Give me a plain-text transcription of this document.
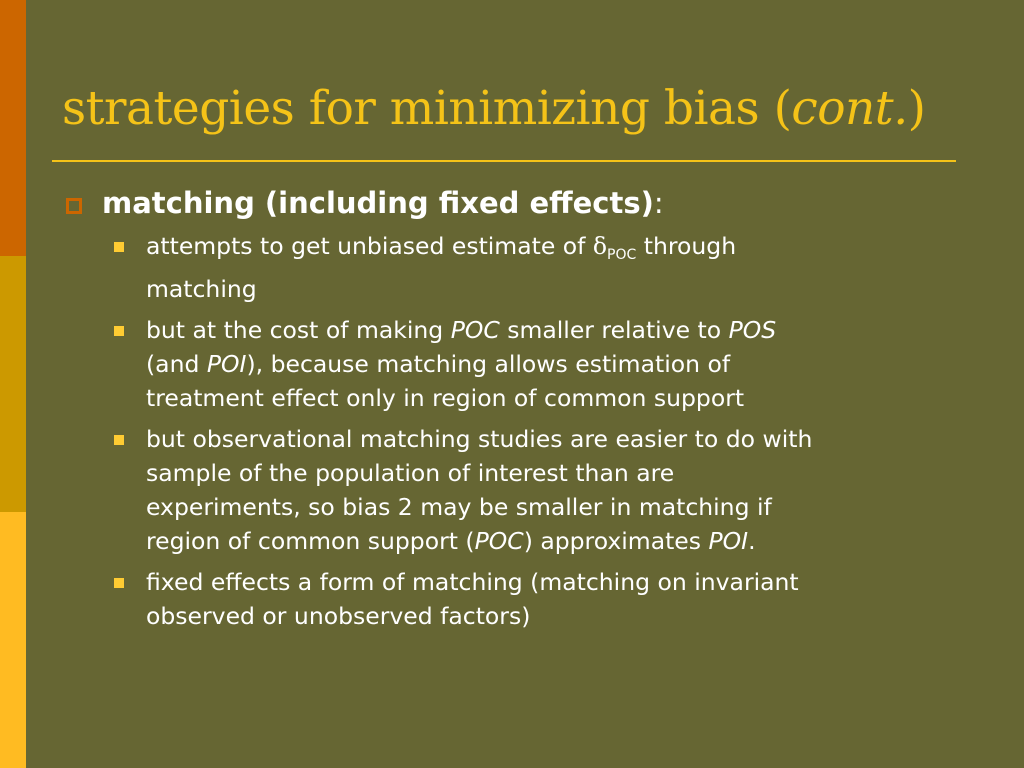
strategies for minimizing bias (cont.)
matching (including fixed effects):
attempts to get unbiased estimate of $\delta_{POC}$ through
matching
but at the cost of making POC smaller relative to POS
(and POI), because matching allows estimation of
treatment effect only in region of common support
but observational matching studies are easier to do with
sample of the population of interest than are
experiments, so bias 2 may be smaller in matching if
region of common support (POC) approximates POI.
fixed effects a form of matching (matching on invariant
observed or unobserved factors)
